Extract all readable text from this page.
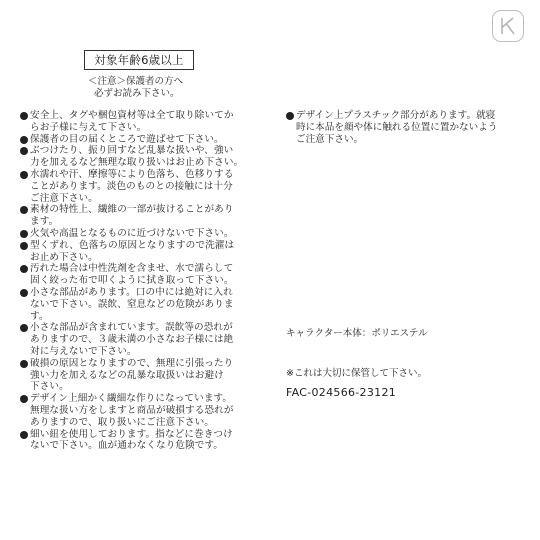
対象年齢6歳以上
＜注意＞保護者の方へ
必ずお読み下さい。
安全上、タグや梱包資材等は全て取り除いてか
らお子様に与えて下さい。
保護者の目の届くところで遊ばせて下さい。
ぶつけたり、振り回すなど乱暴な扱いや、強い
力を加えるなど無理な取り扱いはお止め下さい。
水濡れや汗、摩擦等により色落ち、色移りする
ことがあります。淡色のものとの接触には十分
ご注意下さい。
素材の特性上、繊維の一部が抜けることがあり
ます。
火気や高温となるものに近づけないで下さい。
型くずれ、色落ちの原因となりますので洗濯は
お止め下さい。
汚れた場合は中性洗剤を含ませ、水で濡らして
固く絞った布で叩くように拭き取って下さい。
小さな部品があります。口の中には絶対に入れ
ないで下さい。誤飲、窒息などの危険がありま
す。
小さな部品が含まれています。誤飲等の恐れが
ありますので、３歳未満の小さなお子様には絶
対に与えないで下さい。
破損の原因となりますので、無理に引張ったり
強い力を加えるなどの乱暴な取扱いはお避け
下さい。
デザイン上細かく繊細な作りになっています。
無理な扱い方をしますと商品が破損する恐れが
ありますので、取り扱いにご注意下さい。
細い紐を使用しております。指などに巻きつけ
ないで下さい。血が通わなくなり危険です。
デザイン上プラスチック部分があります。就寝
時に本品を顔や体に触れる位置に置かないよう
ご注意下さい。
キャラクター本体：ポリエステル
※これは大切に保管して下さい。
FAC-024566-23121
